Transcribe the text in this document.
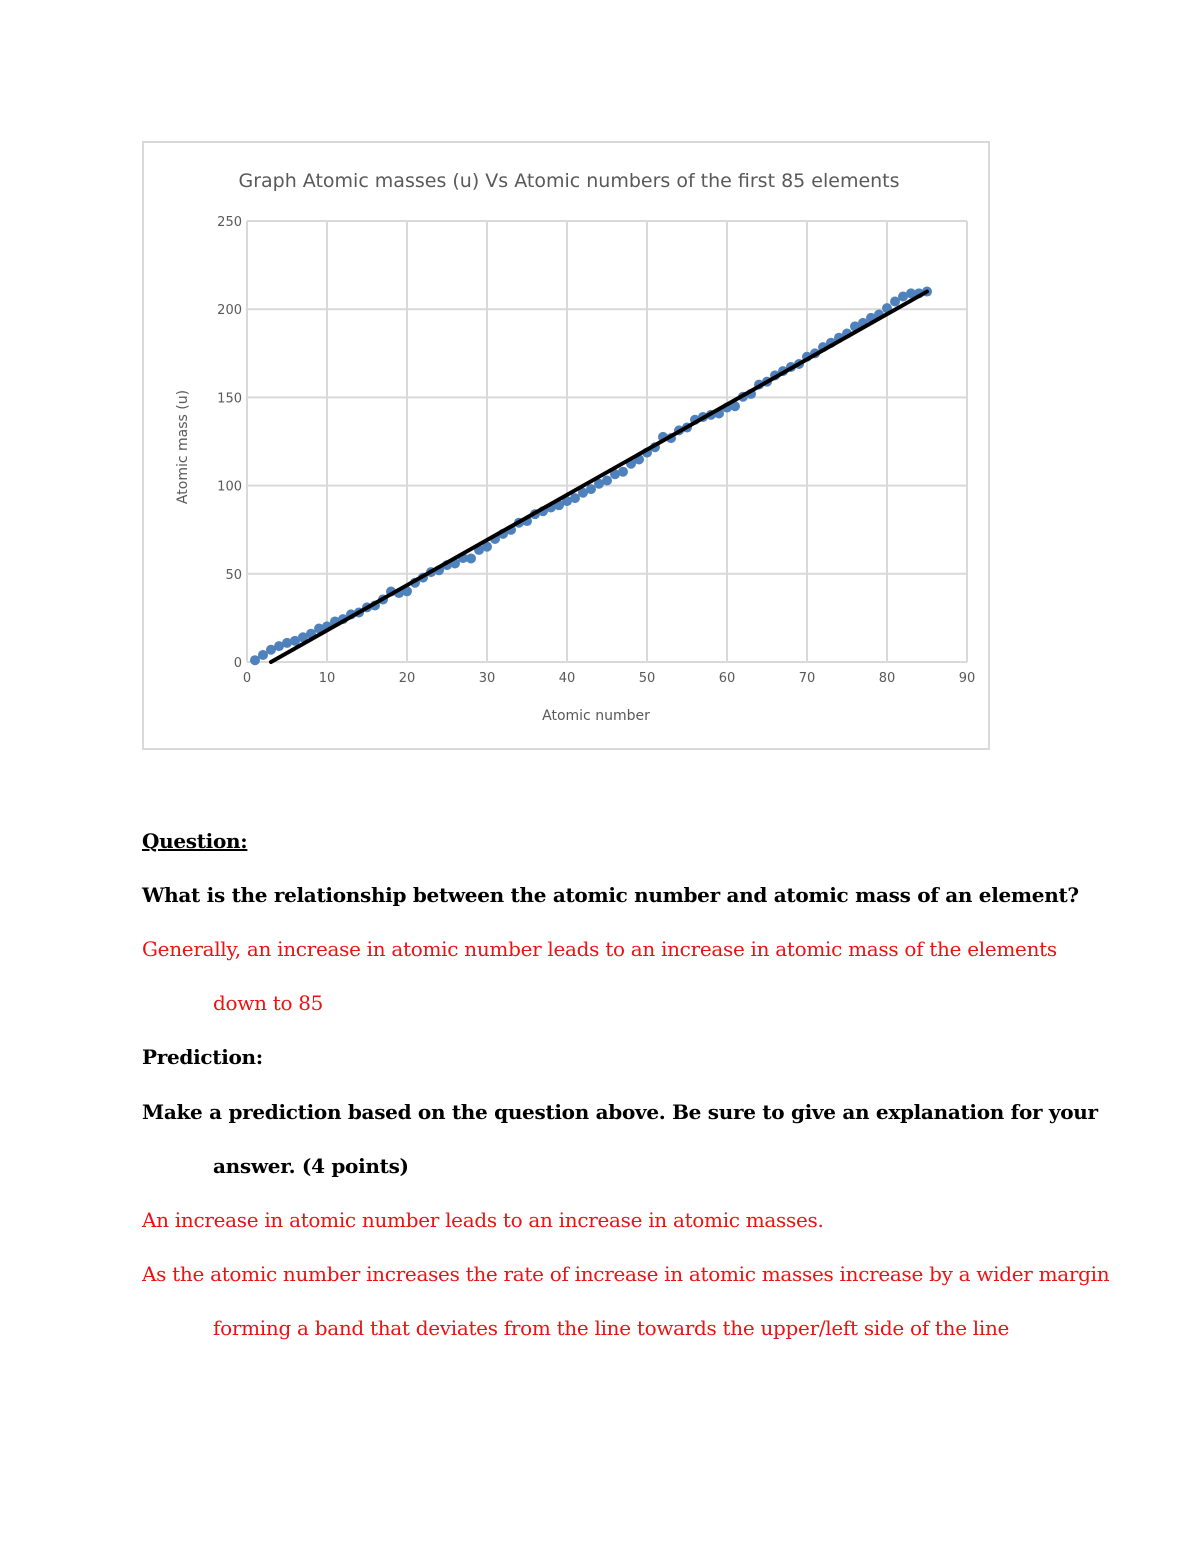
Graph Atomic masses (u) Vs Atomic numbers of the first 85 elements
0	10	20	30	40	50	60	70	80	90
0
50
100
150
200
250
Atomic number
Atomic mass (u)

Question:

What is the relationship between the atomic number and atomic mass of an element?

Generally, an increase in atomic number leads to an increase in atomic mass of the elements

down to 85

Prediction:

Make a prediction based on the question above. Be sure to give an explanation for your

answer. (4 points)

An increase in atomic number leads to an increase in atomic masses.

As the atomic number increases the rate of increase in atomic masses increase by a wider margin

forming a band that deviates from the line towards the upper/left side of the line
